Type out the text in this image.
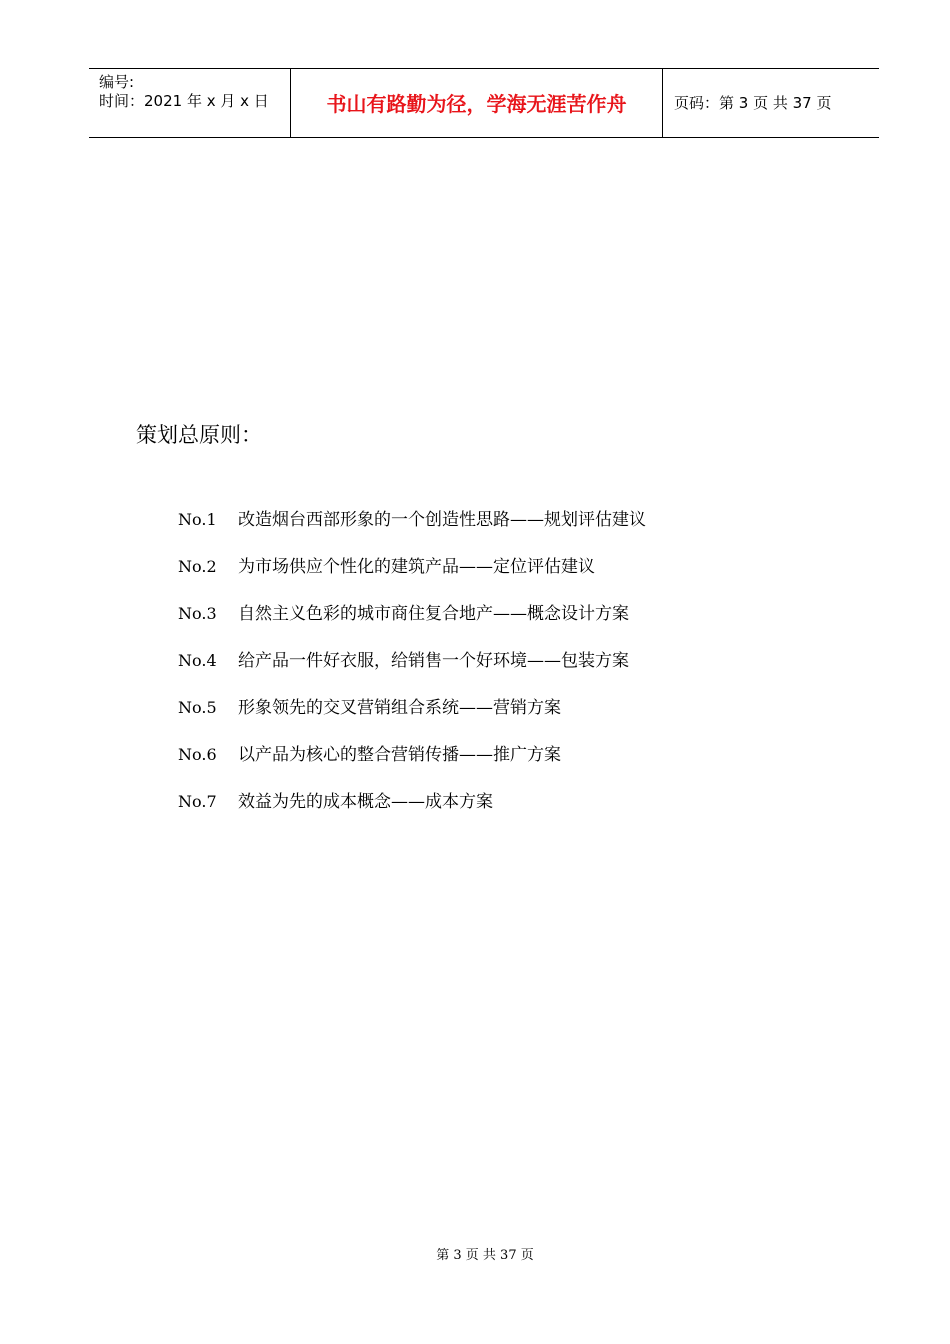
编号:
时间：2021 年 x 月 x 日	书山有路勤为径，学海无涯苦作舟	页码：第 3 页 共 37 页
策划总原则：
No.1 改造烟台西部形象的一个创造性思路——规划评估建议
No.2 为市场供应个性化的建筑产品——定位评估建议
No.3 自然主义色彩的城市商住复合地产——概念设计方案
No.4 给产品一件好衣服，给销售一个好环境——包装方案
No.5 形象领先的交叉营销组合系统——营销方案
No.6 以产品为核心的整合营销传播——推广方案
No.7 效益为先的成本概念——成本方案
第 3 页 共 37 页
